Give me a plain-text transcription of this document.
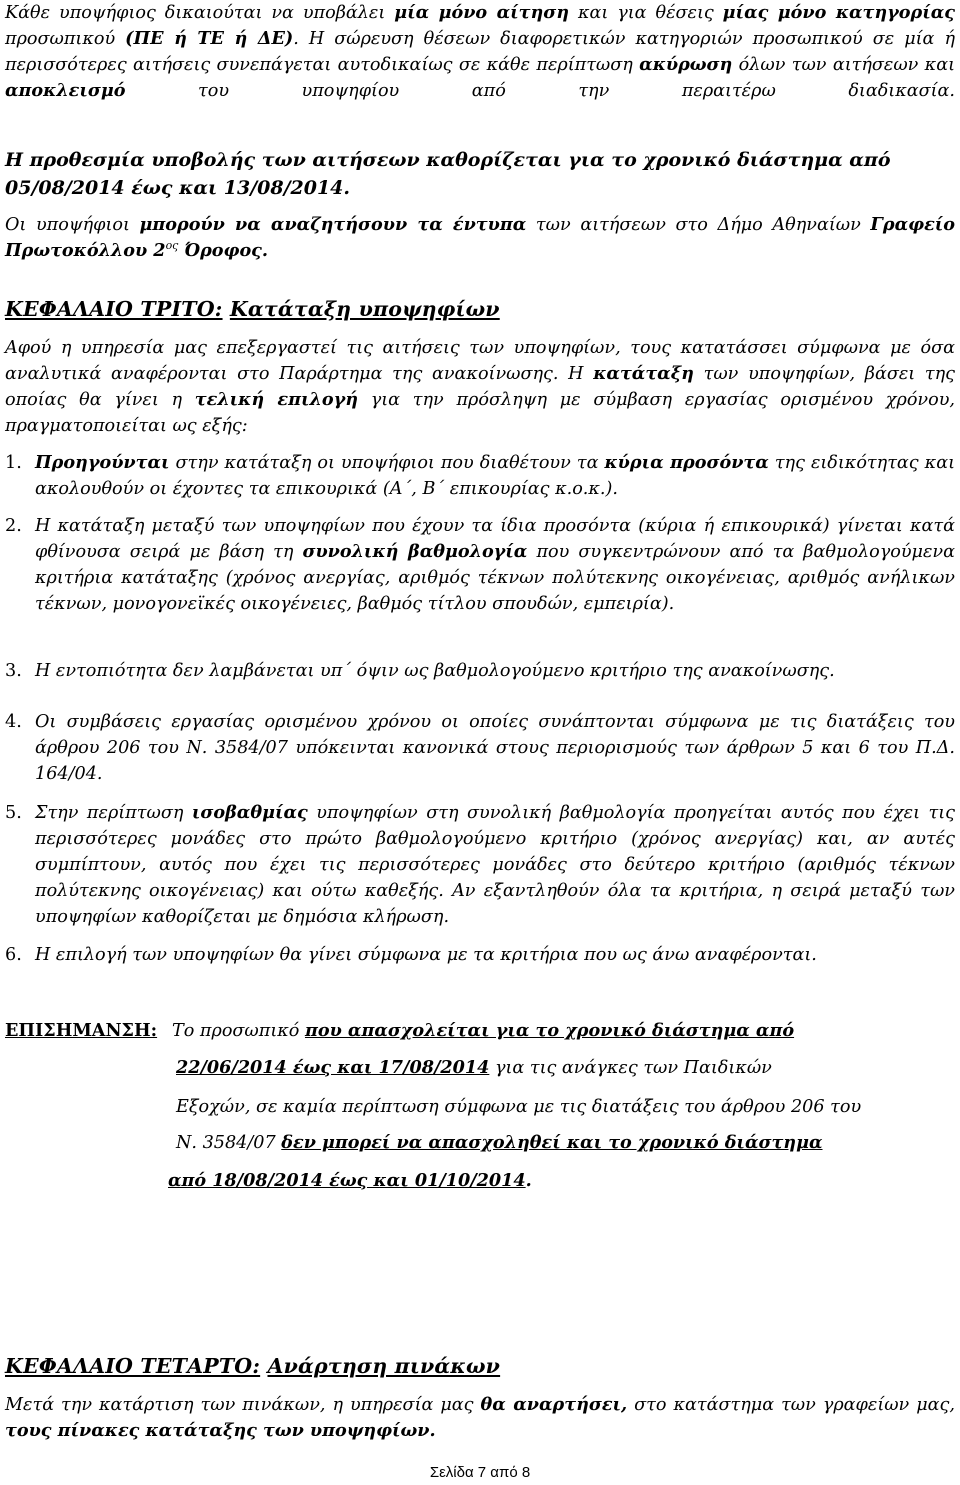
Κάθε υποψήφιος δικαιούται να υποβάλει μία μόνο αίτηση και για θέσεις μίας μόνο κατηγορίας προσωπικού (ΠΕ ή ΤΕ ή ΔΕ). Η σώρευση θέσεων διαφορετικών κατηγοριών προσωπικού σε μία ή περισσότερες αιτήσεις συνεπάγεται αυτοδικαίως σε κάθε περίπτωση ακύρωση όλων των αιτήσεων και αποκλεισμό του υποψηφίου από την περαιτέρω διαδικασία.

Η προθεσμία υποβολής των αιτήσεων καθορίζεται για το χρονικό διάστημα από 05/08/2014 έως και 13/08/2014.

Οι υποψήφιοι μπορούν να αναζητήσουν τα έντυπα των αιτήσεων στο Δήμο Αθηναίων Γραφείο Πρωτοκόλλου $2^{o\varsigma}$ Όροφος.

ΚΕΦΑΛΑΙΟ ΤΡΙΤΟ: Κατάταξη υποψηφίων

Αφού η υπηρεσία μας επεξεργαστεί τις αιτήσεις των υποψηφίων, τους κατατάσσει σύμφωνα με όσα αναλυτικά αναφέρονται στο Παράρτημα της ανακοίνωσης. Η κατάταξη των υποψηφίων, βάσει της οποίας θα γίνει η τελική επιλογή για την πρόσληψη με σύμβαση εργασίας ορισμένου χρόνου, πραγματοποιείται ως εξής:

1. Προηγούνται στην κατάταξη οι υποψήφιοι που διαθέτουν τα κύρια προσόντα της ειδικότητας και ακολουθούν οι έχοντες τα επικουρικά (Α΄, Β΄ επικουρίας κ.ο.κ.).

2. Η κατάταξη μεταξύ των υποψηφίων που έχουν τα ίδια προσόντα (κύρια ή επικουρικά) γίνεται κατά φθίνουσα σειρά με βάση τη συνολική βαθμολογία που συγκεντρώνουν από τα βαθμολογούμενα κριτήρια κατάταξης (χρόνος ανεργίας, αριθμός τέκνων πολύτεκνης οικογένειας, αριθμός ανήλικων τέκνων, μονογονεϊκές οικογένειες, βαθμός τίτλου σπουδών, εμπειρία).

3. Η εντοπιότητα δεν λαμβάνεται υπ΄ όψιν ως βαθμολογούμενο κριτήριο της ανακοίνωσης.

4. Οι συμβάσεις εργασίας ορισμένου χρόνου οι οποίες συνάπτονται σύμφωνα με τις διατάξεις του άρθρου 206 του Ν. 3584/07 υπόκεινται κανονικά στους περιορισμούς των άρθρων 5 και 6 του Π.Δ. 164/04.

5. Στην περίπτωση ισοβαθμίας υποψηφίων στη συνολική βαθμολογία προηγείται αυτός που έχει τις περισσότερες μονάδες στο πρώτο βαθμολογούμενο κριτήριο (χρόνος ανεργίας) και, αν αυτές συμπίπτουν, αυτός που έχει τις περισσότερες μονάδες στο δεύτερο κριτήριο (αριθμός τέκνων πολύτεκνης οικογένειας) και ούτω καθεξής. Αν εξαντληθούν όλα τα κριτήρια, η σειρά μεταξύ των υποψηφίων καθορίζεται με δημόσια κλήρωση.

6. Η επιλογή των υποψηφίων θα γίνει σύμφωνα με τα κριτήρια που ως άνω αναφέρονται.

ΕΠΙΣΗΜΑΝΣΗ: Το προσωπικό που απασχολείται για το χρονικό διάστημα από
22/06/2014 έως και 17/08/2014 για τις ανάγκες των Παιδικών
Εξοχών, σε καμία περίπτωση σύμφωνα με τις διατάξεις του άρθρου 206 του
Ν. 3584/07 δεν μπορεί να απασχοληθεί και το χρονικό διάστημα
από 18/08/2014 έως και 01/10/2014.
ΚΕΦΑΛΑΙΟ ΤΕΤΑΡΤΟ: Ανάρτηση πινάκων

Μετά την κατάρτιση των πινάκων, η υπηρεσία μας θα αναρτήσει, στο κατάστημα των γραφείων μας, τους πίνακες κατάταξης των υποψηφίων.

Σελίδα 7 από 8
